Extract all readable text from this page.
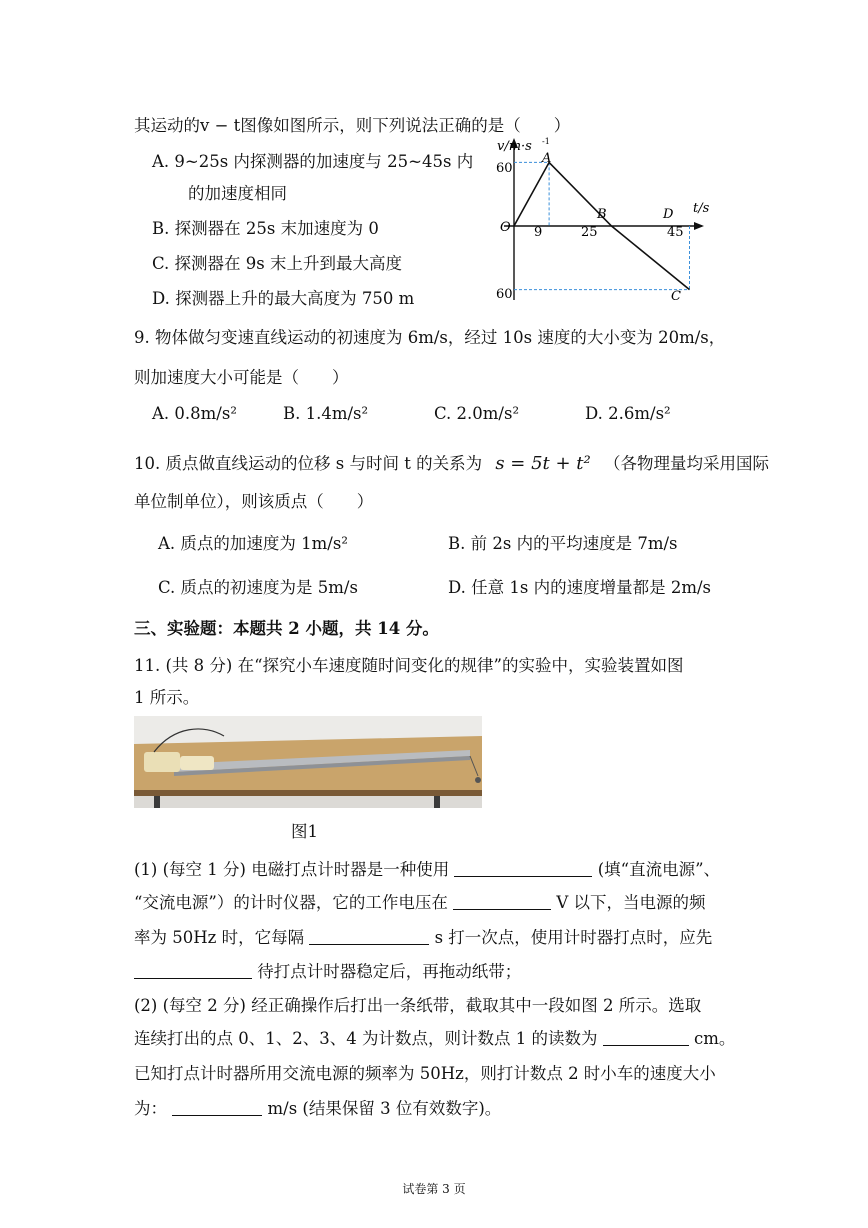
其运动的v − t图像如图所示，则下列说法正确的是（　　）
A. 9~25s 内探测器的加速度与 25~45s 内
的加速度相同
B. 探测器在 25s 末加速度为 0
C. 探测器在 9s 末上升到最大高度
D. 探测器上升的最大高度为 750 m
v/m·s -1
t/s
60
60
O 9	25	45
A
B	D
C
9. 物体做匀变速直线运动的初速度为 6m/s，经过 10s 速度的大小变为 20m/s，
则加速度大小可能是（　　）
A. 0.8m/s²	B. 1.4m/s²	C. 2.0m/s²	D. 2.6m/s²
10. 质点做直线运动的位移 s 与时间 t 的关系为 s = 5t + t² （各物理量均采用国际
单位制单位），则该质点（　　）
A. 质点的加速度为 1m/s²	B. 前 2s 内的平均速度是 7m/s
C. 质点的初速度为是 5m/s	D. 任意 1s 内的速度增量都是 2m/s
三、实验题：本题共 2 小题，共 14 分。
11. (共 8 分) 在“探究小车速度随时间变化的规律”的实验中，实验装置如图
1 所示。
图1
(1) (每空 1 分) 电磁打点计时器是一种使用	(填“直流电源”、
“交流电源”）的计时仪器，它的工作电压在	V 以下，当电源的频
率为 50Hz 时，它每隔	s 打一次点，使用计时器打点时，应先
待打点计时器稳定后，再拖动纸带；
(2) (每空 2 分) 经正确操作后打出一条纸带，截取其中一段如图 2 所示。选取
连续打出的点 0、1、2、3、4 为计数点，则计数点 1 的读数为	cm。
已知打点计时器所用交流电源的频率为 50Hz，则打计数点 2 时小车的速度大小
为：	m/s (结果保留 3 位有效数字)。
试卷第 3 页
